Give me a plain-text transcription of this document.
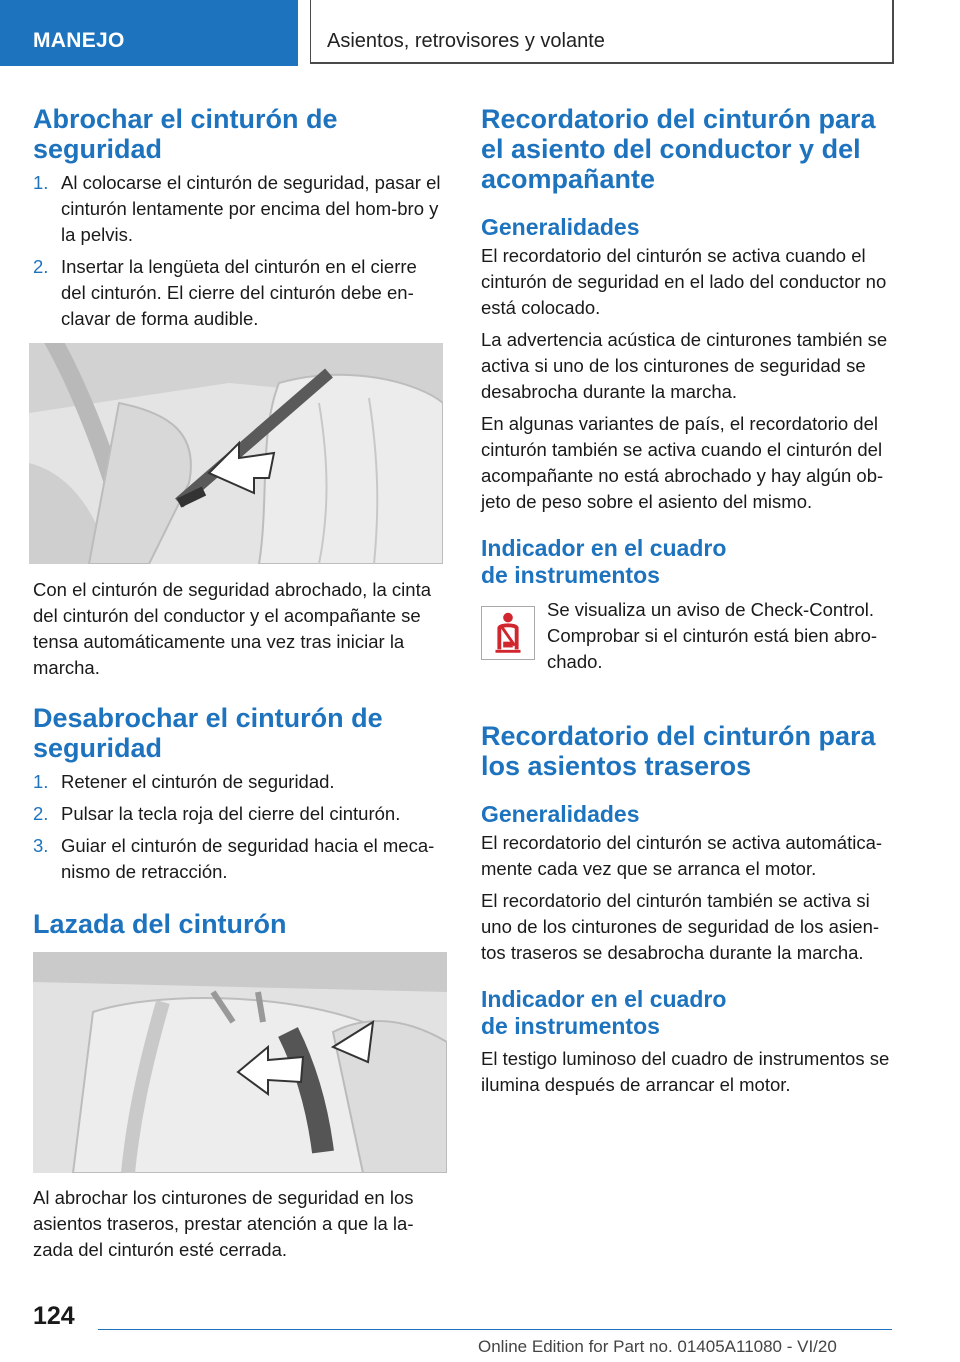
MANEJO	Asientos, retrovisores y volante
Abrochar el cinturón de seguridad
1. Al colocarse el cinturón de seguridad, pasar el cinturón lentamente por encima del hom-bro y la pelvis.
2. Insertar la lengüeta del cinturón en el cierre del cinturón. El cierre del cinturón debe en-clavar de forma audible.

Con el cinturón de seguridad abrochado, la cinta del cinturón del conductor y el acompañante se tensa automáticamente una vez tras iniciar la marcha.

Desabrochar el cinturón de seguridad
1. Retener el cinturón de seguridad.
2. Pulsar la tecla roja del cierre del cinturón.
3. Guiar el cinturón de seguridad hacia el meca-nismo de retracción.
Lazada del cinturón

Al abrochar los cinturones de seguridad en los asientos traseros, prestar atención a que la la-zada del cinturón esté cerrada.

Recordatorio del cinturón para el asiento del conductor y del acompañante
Generalidades

El recordatorio del cinturón se activa cuando el cinturón de seguridad en el lado del conductor no está colocado.

La advertencia acústica de cinturones también se activa si uno de los cinturones de seguridad se desabrocha durante la marcha.

En algunas variantes de país, el recordatorio del cinturón también se activa cuando el cinturón del acompañante no está abrochado y hay algún ob-jeto de peso sobre el asiento del mismo.

Indicador en el cuadro de instrumentos

Se visualiza un aviso de Check-Control. Comprobar si el cinturón está bien abro-chado.

Recordatorio del cinturón para los asientos traseros
Generalidades

El recordatorio del cinturón se activa automática-mente cada vez que se arranca el motor.

El recordatorio del cinturón también se activa si uno de los cinturones de seguridad de los asien-tos traseros se desabrocha durante la marcha.

Indicador en el cuadro de instrumentos

El testigo luminoso del cuadro de instrumentos se ilumina después de arrancar el motor.

124
Online Edition for Part no. 01405A11080 - VI/20
